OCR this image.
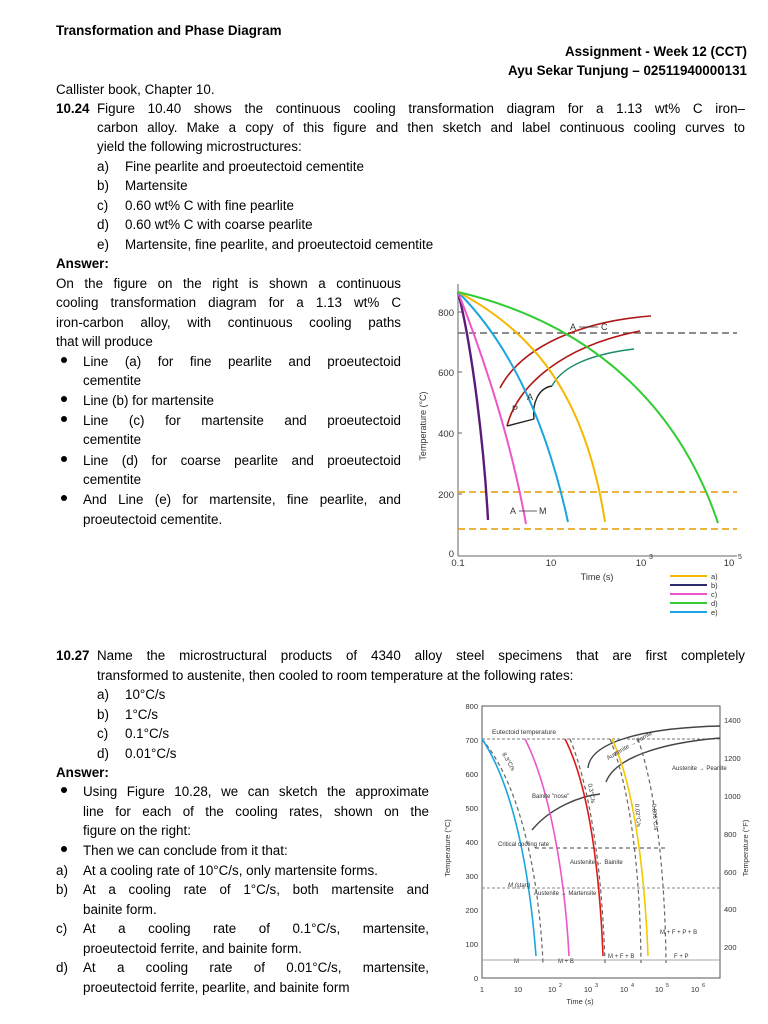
Transformation and Phase Diagram
Assignment - Week 12 (CCT)
Ayu Sekar Tunjung – 02511940000131
Callister book, Chapter 10.
10.24 Figure 10.40 shows the continuous cooling transformation diagram for a 1.13 wt% C iron–
carbon alloy. Make a copy of this figure and then sketch and label continuous cooling curves to
yield the following microstructures:
a) Fine pearlite and proeutectoid cementite
b) Martensite
c) 0.60 wt% C with fine pearlite
d) 0.60 wt% C with coarse pearlite
e) Martensite, fine pearlite, and proeutectoid cementite
Answer:
On the figure on the right is shown a continuous
cooling transformation diagram for a 1.13 wt% C
iron-carbon alloy, with continuous cooling paths
that will produce
Line (a) for fine pearlite and proeutectoid
cementite
Line (b) for martensite
Line (c) for martensite and proeutectoid
cementite
Line (d) for coarse pearlite and proeutectoid
cementite
And Line (e) for martensite, fine pearlite, and
proeutectoid cementite.
800
600
400
200
0
0.1	10	10
3
10
5
Temperature (°C)
Time (s)
A	C
P
A
A	M
a)
b)
c)
d)
e)
10.27 Name the microstructural products of 4340 alloy steel specimens that are first completely
transformed to austenite, then cooled to room temperature at the following rates:
a) 10°C/s
b) 1°C/s
c) 0.1°C/s
d) 0.01°C/s
Answer:
Using Figure 10.28, we can sketch the approximate
line for each of the cooling rates, shown on the
figure on the right:
Then we can conclude from it that:
a) At a cooling rate of 10°C/s, only martensite forms.
b) At a cooling rate of 1°C/s, both martensite and
bainite form.
c) At a cooling rate of 0.1°C/s, martensite,
proeutectoid ferrite, and bainite form.
d) At a cooling rate of 0.01°C/s, martensite,
proeutectoid ferrite, pearlite, and bainite form
800
700
600
500
400
300
200
100
0
1400
1200
1000
800
600
400
200
Temperature (°C)	Temperature (°F)
1	10	10 2	10 3	10 4	10 5	10 6
Time (s)
Eutectoid temperature
8.3°C/s
0.3°C/s
0.02°C/s 0.006°C/s
Austenite → Ferrite
Austenite → Pearlite
Bainite "nose"
Critical cooling rate
Austenite → Bainite
M (start)
Austenite → Martensite
M	M + B
M + F + B
M + F + P + B
F + P
